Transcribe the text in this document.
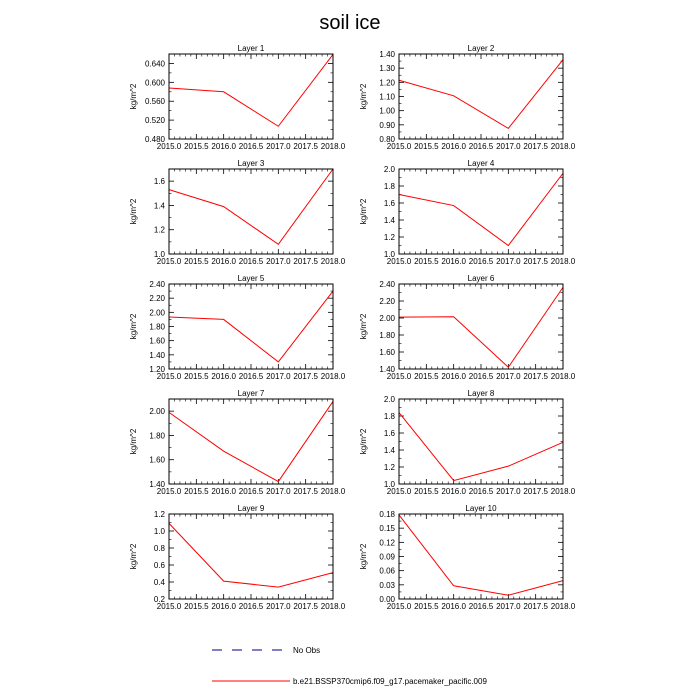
soil ice
Layer 1
kg/m^2
2015.0 2015.5 2016.0 2016.5 2017.0 2017.5 2018.0
0.480
0.520
0.560
0.600
0.640
Layer 2
kg/m^2
2015.0 2015.5 2016.0 2016.5 2017.0 2017.5 2018.0
0.80
0.90
1.00
1.10
1.20
1.30
1.40
Layer 3
kg/m^2
2015.0 2015.5 2016.0 2016.5 2017.0 2017.5 2018.0
1.0
1.2
1.4
1.6
Layer 4
kg/m^2
2015.0 2015.5 2016.0 2016.5 2017.0 2017.5 2018.0
1.0
1.2
1.4
1.6
1.8
2.0
Layer 5
kg/m^2
2015.0 2015.5 2016.0 2016.5 2017.0 2017.5 2018.0
1.20
1.40
1.60
1.80
2.00
2.20
2.40
Layer 6
kg/m^2
2015.0 2015.5 2016.0 2016.5 2017.0 2017.5 2018.0
1.40
1.60
1.80
2.00
2.20
2.40
Layer 7
kg/m^2
2015.0 2015.5 2016.0 2016.5 2017.0 2017.5 2018.0
1.40
1.60
1.80
2.00
Layer 8
kg/m^2
2015.0 2015.5 2016.0 2016.5 2017.0 2017.5 2018.0
1.0
1.2
1.4
1.6
1.8
2.0
Layer 9
kg/m^2
2015.0 2015.5 2016.0 2016.5 2017.0 2017.5 2018.0
0.2
0.4
0.6
0.8
1.0
1.2
Layer 10
kg/m^2
2015.0 2015.5 2016.0 2016.5 2017.0 2017.5 2018.0
0.00
0.03
0.06
0.09
0.12
0.15
0.18
No Obs
b.e21.BSSP370cmip6.f09_g17.pacemaker_pacific.009
